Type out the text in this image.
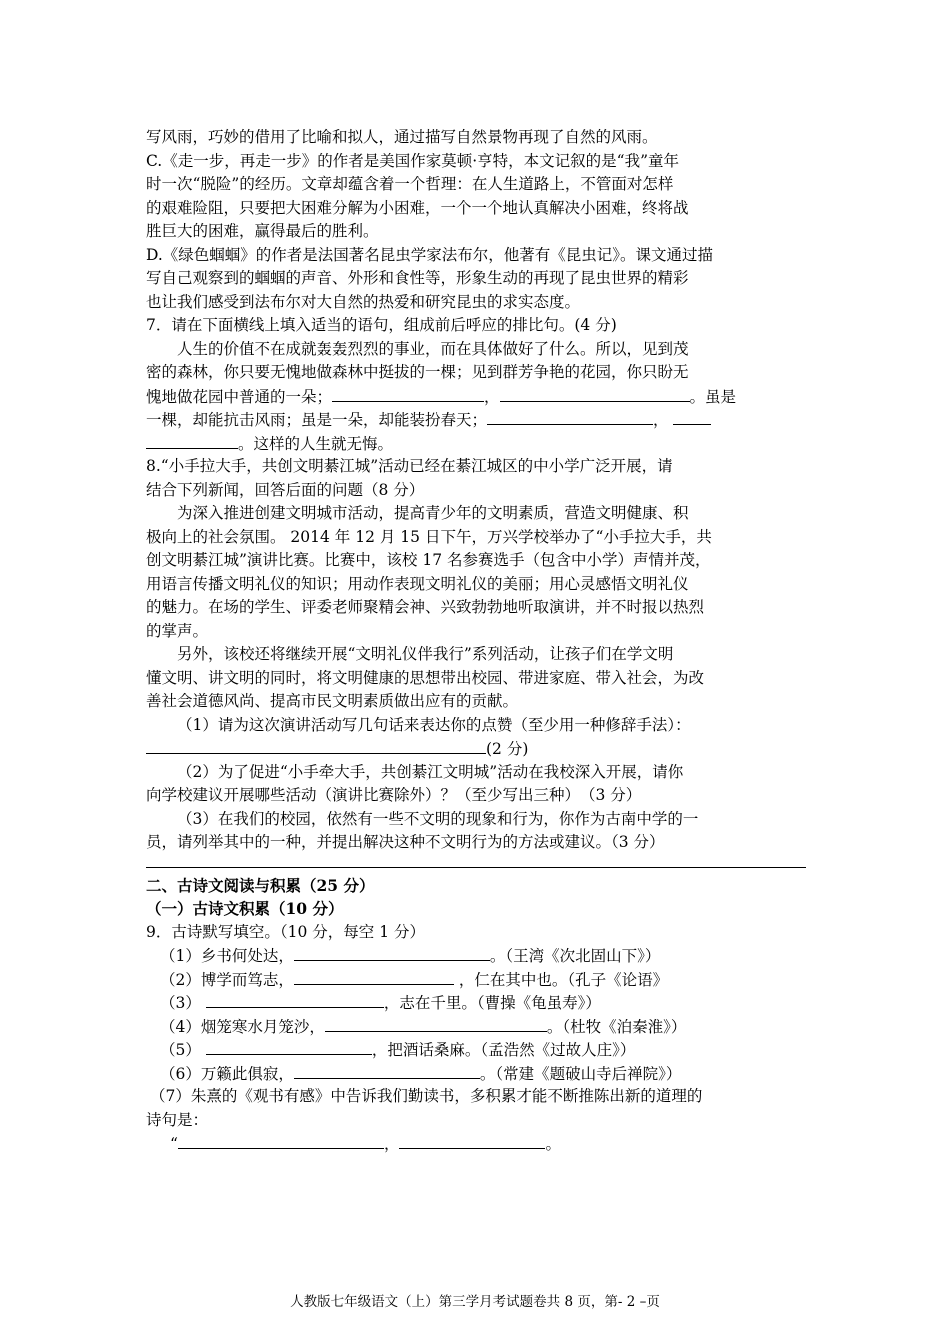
写风雨，巧妙的借用了比喻和拟人，通过描写自然景物再现了自然的风雨。
C.《走一步，再走一步》的作者是美国作家莫顿·亨特，本文记叙的是“我”童年
时一次“脱险”的经历。文章却蕴含着一个哲理：在人生道路上，不管面对怎样
的艰难险阻，只要把大困难分解为小困难，一个一个地认真解决小困难，终将战
胜巨大的困难，赢得最后的胜利。
D.《绿色蝈蝈》的作者是法国著名昆虫学家法布尔，他著有《昆虫记》。课文通过描
写自己观察到的蝈蝈的声音、外形和食性等，形象生动的再现了昆虫世界的精彩
也让我们感受到法布尔对大自然的热爱和研究昆虫的求实态度。
7．请在下面横线上填入适当的语句，组成前后呼应的排比句。(4 分)
人生的价值不在成就轰轰烈烈的事业，而在具体做好了什么。所以，见到茂
密的森林，你只要无愧地做森林中挺拔的一棵；见到群芳争艳的花园，你只盼无
愧地做花园中普通的一朵；	，	。虽是
一棵，却能抗击风雨；虽是一朵，却能装扮春天；	，
。这样的人生就无悔。
8.“小手拉大手，共创文明綦江城”活动已经在綦江城区的中小学广泛开展，请
结合下列新闻，回答后面的问题（8 分）
为深入推进创建文明城市活动，提高青少年的文明素质，营造文明健康、积
极向上的社会氛围。 2014 年 12 月 15 日下午，万兴学校举办了“小手拉大手，共
创文明綦江城”演讲比赛。比赛中，该校 17 名参赛选手（包含中小学）声情并茂，
用语言传播文明礼仪的知识；用动作表现文明礼仪的美丽；用心灵感悟文明礼仪
的魅力。在场的学生、评委老师聚精会神、兴致勃勃地听取演讲，并不时报以热烈
的掌声。
另外，该校还将继续开展“文明礼仪伴我行”系列活动，让孩子们在学文明
懂文明、讲文明的同时，将文明健康的思想带出校园、带进家庭、带入社会，为改
善社会道德风尚、提高市民文明素质做出应有的贡献。
（1）请为这次演讲活动写几句话来表达你的点赞（至少用一种修辞手法）：
(2 分)
（2）为了促进“小手牵大手，共创綦江文明城”活动在我校深入开展，请你
向学校建议开展哪些活动（演讲比赛除外）？（至少写出三种）　（3 分）
（3）在我们的校园，依然有一些不文明的现象和行为，你作为古南中学的一
员，请列举其中的一种，并提出解决这种不文明行为的方法或建议。（3 分）
二、古诗文阅读与积累（25 分）
（一）古诗文积累（10 分）
9．古诗默写填空。（10 分，每空 1 分）
（1）乡书何处达，	。（王湾《次北固山下》）
（2）博学而笃志，	，仁在其中也。（孔子《论语》
（3）	，志在千里。（曹操《龟虽寿》）
（4）烟笼寒水月笼沙，	。（杜牧《泊秦淮》）
（5）	，把酒话桑麻。（孟浩然《过故人庄》）
（6）万籁此俱寂，	。（常建《题破山寺后禅院》）
（7）朱熹的《观书有感》中告诉我们勤读书，多积累才能不断推陈出新的道理的
诗句是：
“	，	。
人教版七年级语文（上）第三学月考试题卷共 8 页，第- 2 –页
